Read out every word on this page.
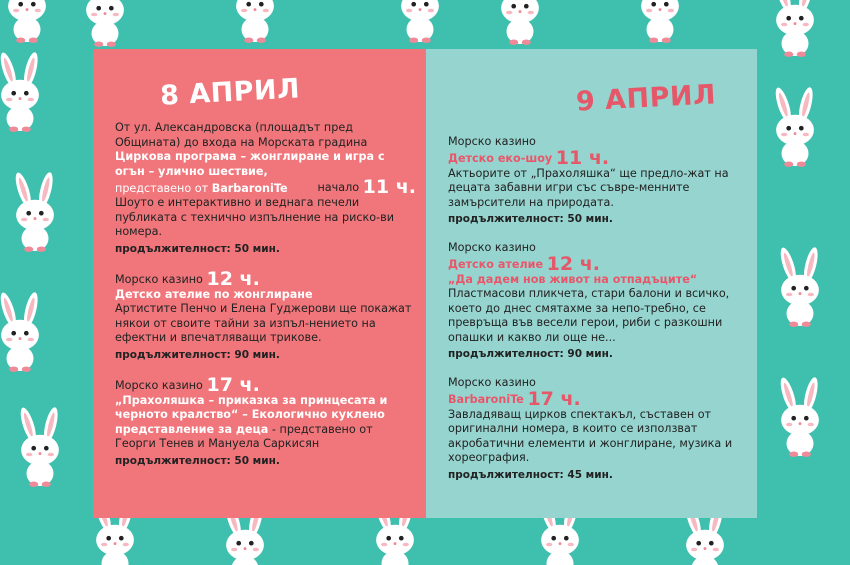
8 АПРИЛ
От ул. Александровска (площадът пред Общината) до входа на Морската градина
Циркова програма – жонглиране и игра с огън – улично шествие,
представено от BarbaroniTe	начало 11 ч.
Шоуто е интерактивно и веднага печели публиката с технично изпълнение на риско-ви номера.
продължителност: 50 мин.
Морско казино 12 ч.
Детско ателие по жонглиране
Артистите Пенчо и Елена Гуджерови ще покажат някои от своите тайни за изпъл-нението на ефектни и впечатляващи трикове.
продължителност: 90 мин.
Морско казино 17 ч.
„Прахоляшка – приказка за принцесата и черното кралство“ – Екологично куклено представление за деца - представено от Георги Тенев и Мануела Саркисян
продължителност: 50 мин.
9 АПРИЛ
Морско казино
Детско еко-шоу 11 ч.
Актьорите от „Прахоляшка“ ще предло-жат на децата забавни игри със съвре-менните замърсители на природата.
продължителност: 50 мин.
Морско казино
Детско ателие 12 ч.
„Да дадем нов живот на отпадъците“
Пластмасови пликчета, стари балони и всичко, което до днес смятахме за непо-требно, се превръща във весели герои, риби с разкошни опашки и какво ли още не...
продължителност: 90 мин.
Морско казино
BarbaroniTe 17 ч.
Завладяващ цирков спектакъл, съставен от оригинални номера, в които се използват акробатични елементи и жонглиране, музика и хореография.
продължителност: 45 мин.
